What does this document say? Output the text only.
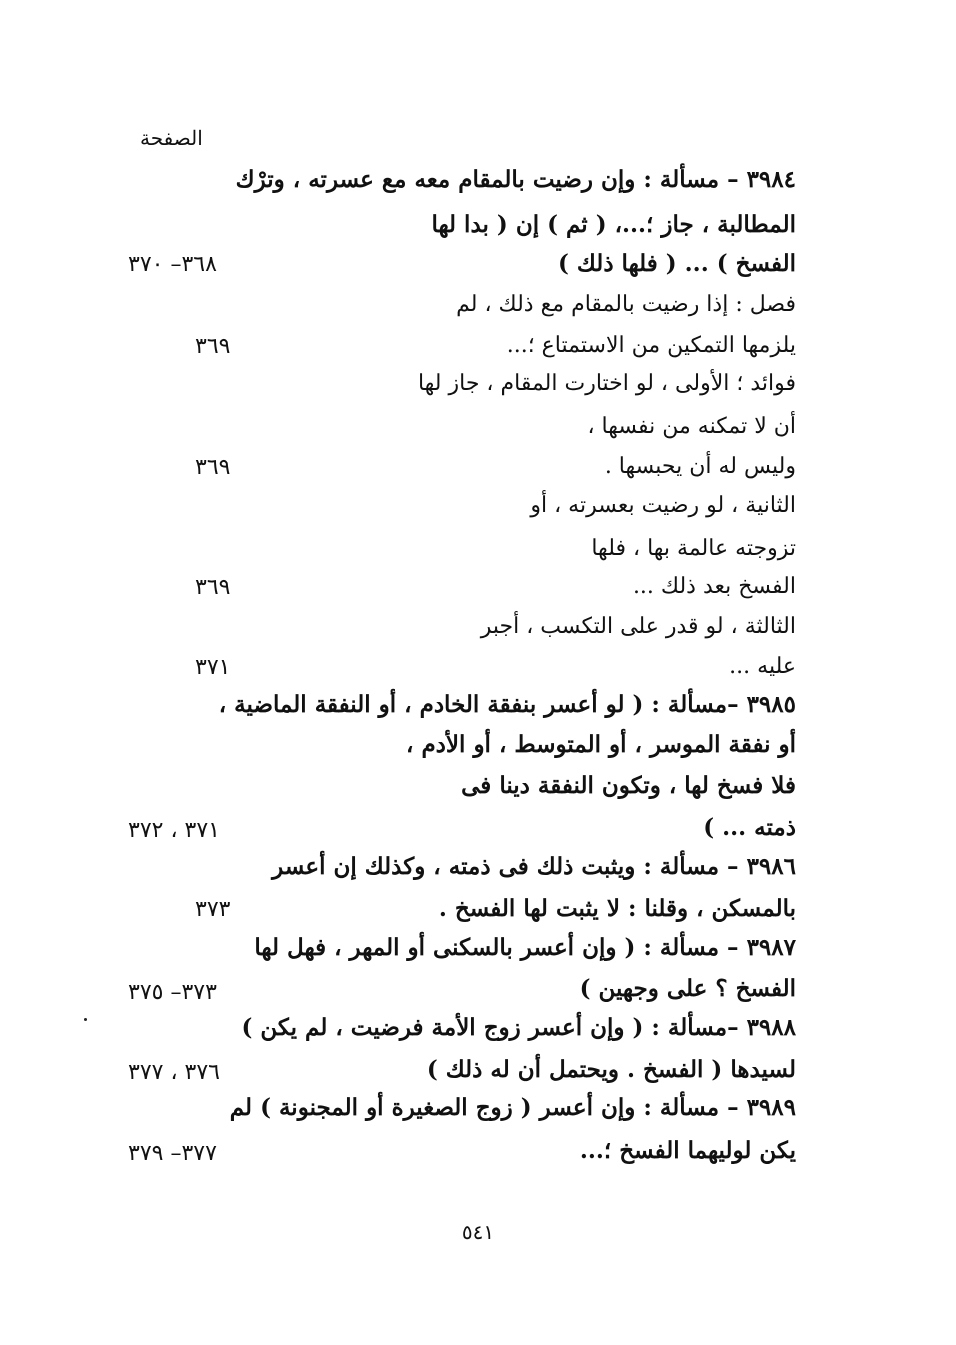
الصفحة
٣٩٨٤ – مسألة : وإن رضيت بالمقام معه مع عسرته ، وترْك
المطالبة ، جاز ؛...، ( ثم ) إن ( بدا لها
الفسخ ) ... ( فلها ذلك )
٣٦٨– ٣٧٠
فصل : إذا رضيت بالمقام مع ذلك ، لم
يلزمها التمكين من الاستمتاع ؛...
٣٦٩
فوائد ؛ الأولى ، لو اختارت المقام ، جاز لها
أن لا تمكنه من نفسها ،
وليس له أن يحبسها .
٣٦٩
الثانية ، لو رضيت بعسرته ، أو
تزوجته عالمة بها ، فلها
الفسخ بعد ذلك ...
٣٦٩
الثالثة ، لو قدر على التكسب ، أجبر
عليه ...
٣٧١
٣٩٨٥ –مسألة : ( لو أعسر بنفقة الخادم ، أو النفقة الماضية ،
أو نفقة الموسر ، أو المتوسط ، أو الأدم ،
فلا فسخ لها ، وتكون النفقة دينا فى
ذمته ... )
٣٧١ ، ٣٧٢
٣٩٨٦ – مسألة : ويثبت ذلك فى ذمته ، وكذلك إن أعسر
بالمسكن ، وقلنا : لا يثبت لها الفسخ .
٣٧٣
٣٩٨٧ – مسألة : ( وإن أعسر بالسكنى أو المهر ، فهل لها
الفسخ ؟ على وجهين )
٣٧٣– ٣٧٥
٣٩٨٨ –مسألة : ( وإن أعسر زوج الأمة فرضيت ، لم يكن )
لسيدها ( الفسخ . ويحتمل أن له ذلك )
٣٧٦ ، ٣٧٧
٣٩٨٩ – مسألة : وإن أعسر ( زوج الصغيرة أو المجنونة ) لم
يكن لوليهما الفسخ ؛...
٣٧٧– ٣٧٩
٥٤١
